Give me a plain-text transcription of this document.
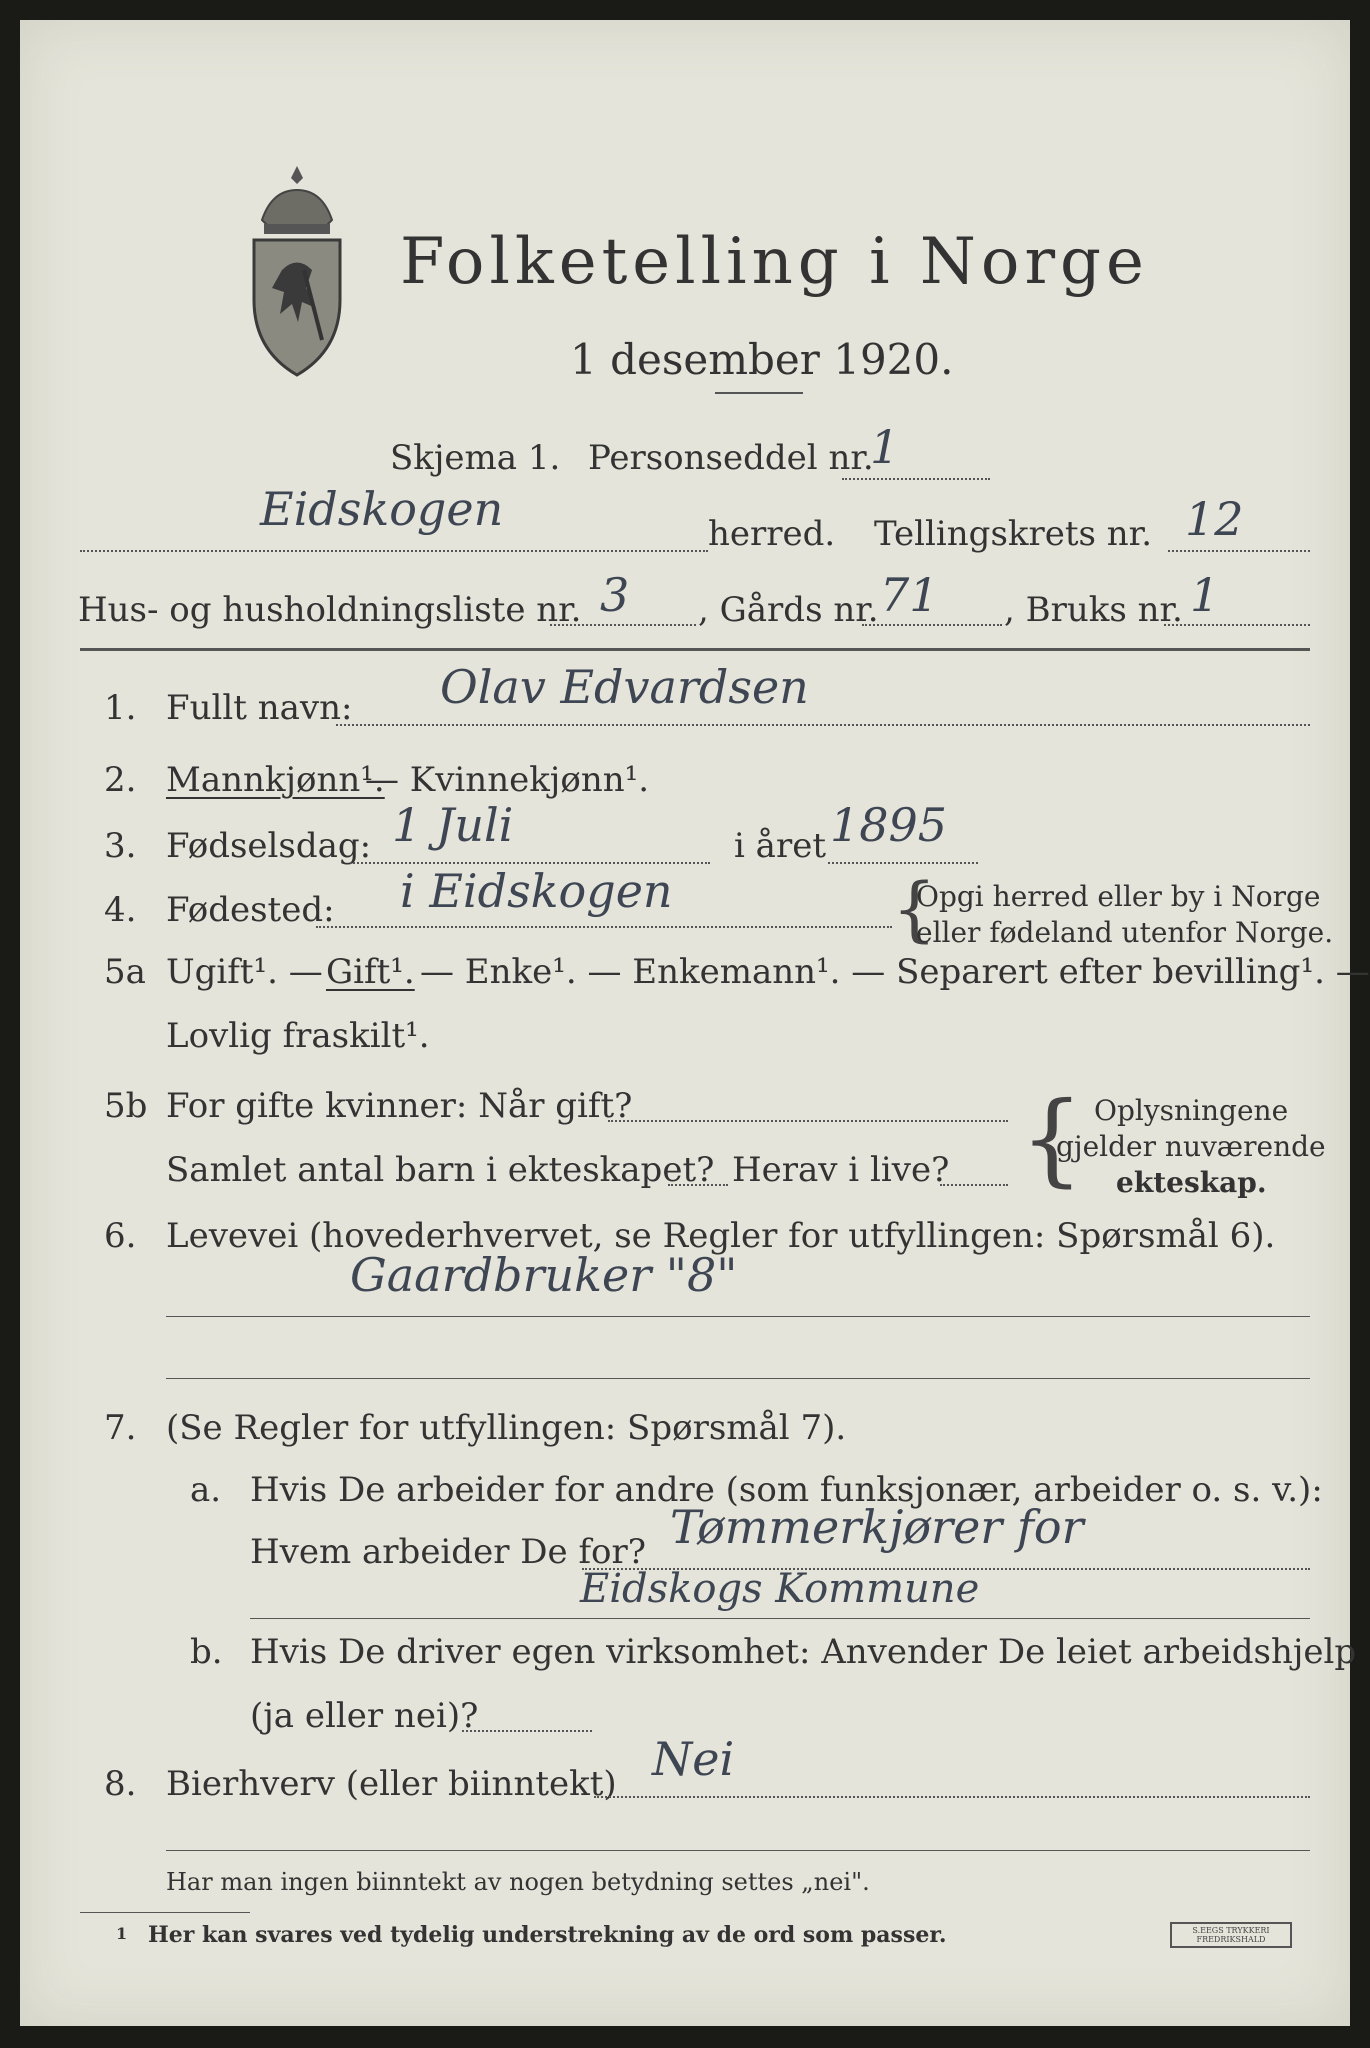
Folketelling i Norge
1 desember 1920.
Skjema 1. Personseddel nr.
1
Eidskogen	herred. Tellingskrets nr. 12
Hus- og husholdningsliste nr. 3 , Gårds nr. 71 , Bruks nr. 1
1. Fullt navn: Olav Edvardsen
2. Mannkjønn¹.
— Kvinnekjønn¹.
3. Fødselsdag: 1 Juli	i året 1895
4. Fødested: i Eidskogen	{
Opgi herred eller by i Norge
eller fødeland utenfor Norge.
5a Ugift¹. — Gift¹. — Enke¹. — Enkemann¹. — Separert efter bevilling¹. —
Lovlig fraskilt¹.
5b For gifte kvinner: Når gift?
Samlet antal barn i ekteskapet? Herav i live? { Oplysningene
gjelder nuværende
ekteskap.
6. Levevei (hovederhvervet, se Regler for utfyllingen: Spørsmål 6).
Gaardbruker "8"
7. (Se Regler for utfyllingen: Spørsmål 7).
a. Hvis De arbeider for andre (som funksjonær, arbeider o. s. v.):
Hvem arbeider De for? Tømmerkjører for
Eidskogs Kommune
b. Hvis De driver egen virksomhet: Anvender De leiet arbeidshjelp
(ja eller nei)?
8. Bierhverv (eller biinntekt) Nei
Har man ingen biinntekt av nogen betydning settes „nei".
1 Her kan svares ved tydelig understrekning av de ord som passer.	S.EEGS TRYKKERI FREDRIKSHALD
